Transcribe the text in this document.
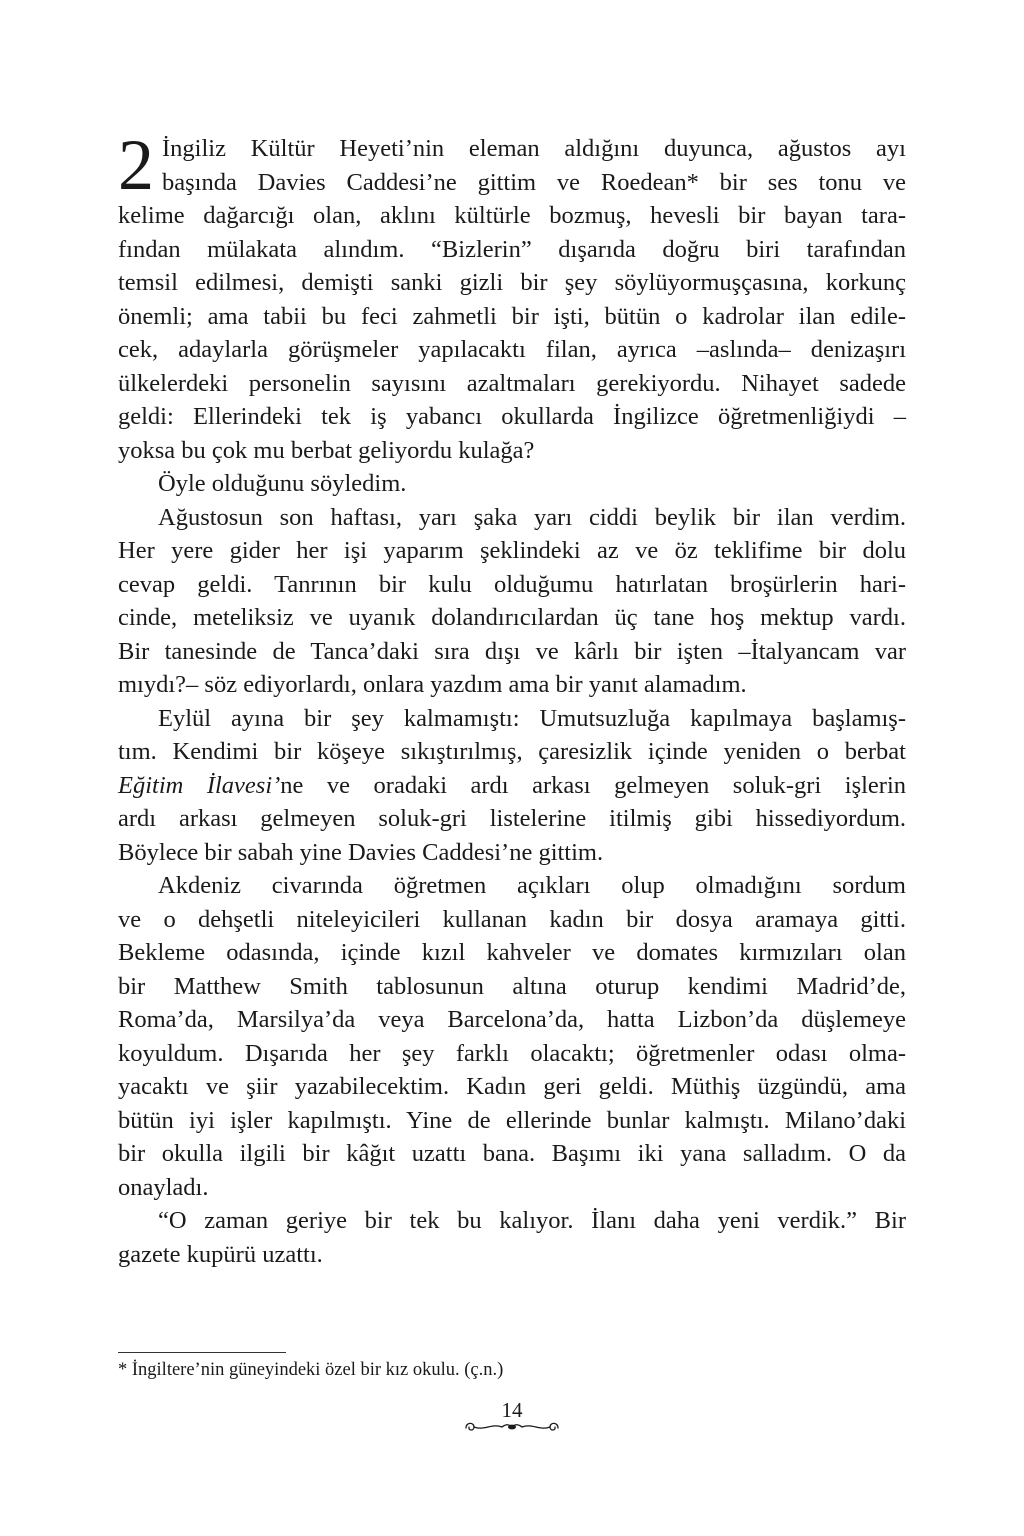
2 İngiliz Kültür Heyeti’nin eleman aldığını duyunca, ağustos ayı
başında Davies Caddesi’ne gittim ve Roedean* bir ses tonu ve
kelime dağarcığı olan, aklını kültürle bozmuş, hevesli bir bayan tara-
fından mülakata alındım. “Bizlerin” dışarıda doğru biri tarafından
temsil edilmesi, demişti sanki gizli bir şey söylüyormuşçasına, korkunç
önemli; ama tabii bu feci zahmetli bir işti, bütün o kadrolar ilan edile-
cek, adaylarla görüşmeler yapılacaktı filan, ayrıca –aslında– denizaşırı
ülkelerdeki personelin sayısını azaltmaları gerekiyordu. Nihayet sadede
geldi: Ellerindeki tek iş yabancı okullarda İngilizce öğretmenliğiydi –
yoksa bu çok mu berbat geliyordu kulağa?
Öyle olduğunu söyledim.
Ağustosun son haftası, yarı şaka yarı ciddi beylik bir ilan verdim.
Her yere gider her işi yaparım şeklindeki az ve öz teklifime bir dolu
cevap geldi. Tanrının bir kulu olduğumu hatırlatan broşürlerin hari-
cinde, meteliksiz ve uyanık dolandırıcılardan üç tane hoş mektup vardı.
Bir tanesinde de Tanca’daki sıra dışı ve kârlı bir işten –İtalyancam var
mıydı?– söz ediyorlardı, onlara yazdım ama bir yanıt alamadım.
Eylül ayına bir şey kalmamıştı: Umutsuzluğa kapılmaya başlamış-
tım. Kendimi bir köşeye sıkıştırılmış, çaresizlik içinde yeniden o berbat
Eğitim İlavesi’ne ve oradaki ardı arkası gelmeyen soluk-gri işlerin
ardı arkası gelmeyen soluk-gri listelerine itilmiş gibi hissediyordum.
Böylece bir sabah yine Davies Caddesi’ne gittim.
Akdeniz civarında öğretmen açıkları olup olmadığını sordum
ve o dehşetli niteleyicileri kullanan kadın bir dosya aramaya gitti.
Bekleme odasında, içinde kızıl kahveler ve domates kırmızıları olan
bir Matthew Smith tablosunun altına oturup kendimi Madrid’de,
Roma’da, Marsilya’da veya Barcelona’da, hatta Lizbon’da düşlemeye
koyuldum. Dışarıda her şey farklı olacaktı; öğretmenler odası olma-
yacaktı ve şiir yazabilecektim. Kadın geri geldi. Müthiş üzgündü, ama
bütün iyi işler kapılmıştı. Yine de ellerinde bunlar kalmıştı. Milano’daki
bir okulla ilgili bir kâğıt uzattı bana. Başımı iki yana salladım. O da
onayladı.
“O zaman geriye bir tek bu kalıyor. İlanı daha yeni verdik.” Bir
gazete kupürü uzattı.
* İngiltere’nin güneyindeki özel bir kız okulu. (ç.n.)
14
